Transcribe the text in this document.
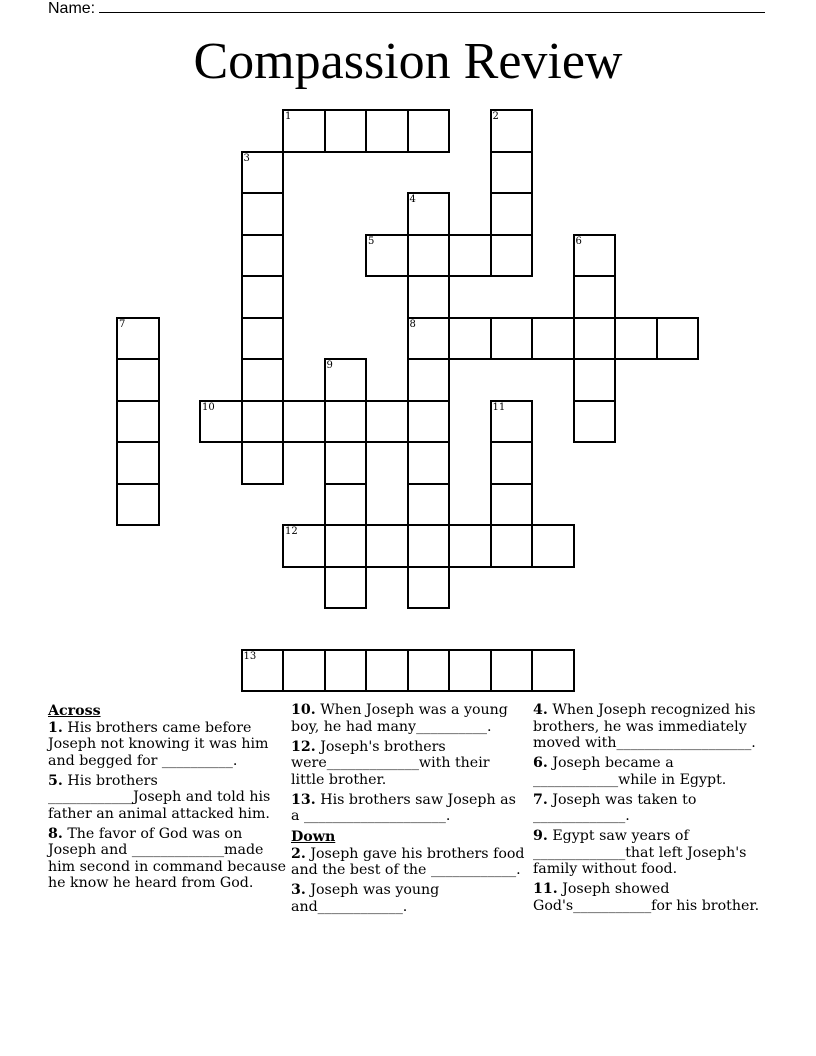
Name:
Compassion Review
1	2
3
4
8
5	6
7
9
10	11
12
13
Across
1. His brothers came before Joseph not knowing it was him and begged for __________.
5. His brothers ____________Joseph and told his father an animal attacked him.
8. The favor of God was on Joseph and _____________made him second in command because he know he heard from God.
10. When Joseph was a young boy, he had many__________.
12. Joseph's brothers were_____________with their little brother.
13. His brothers saw Joseph as a ____________________.
Down
2. Joseph gave his brothers food and the best of the ____________.
3. Joseph was young and____________.
4. When Joseph recognized his brothers, he was immediately moved with___________________.
6. Joseph became a ____________while in Egypt.
7. Joseph was taken to _____________.
9. Egypt saw years of _____________that left Joseph's family without food.
11. Joseph showed God's___________for his brother.
